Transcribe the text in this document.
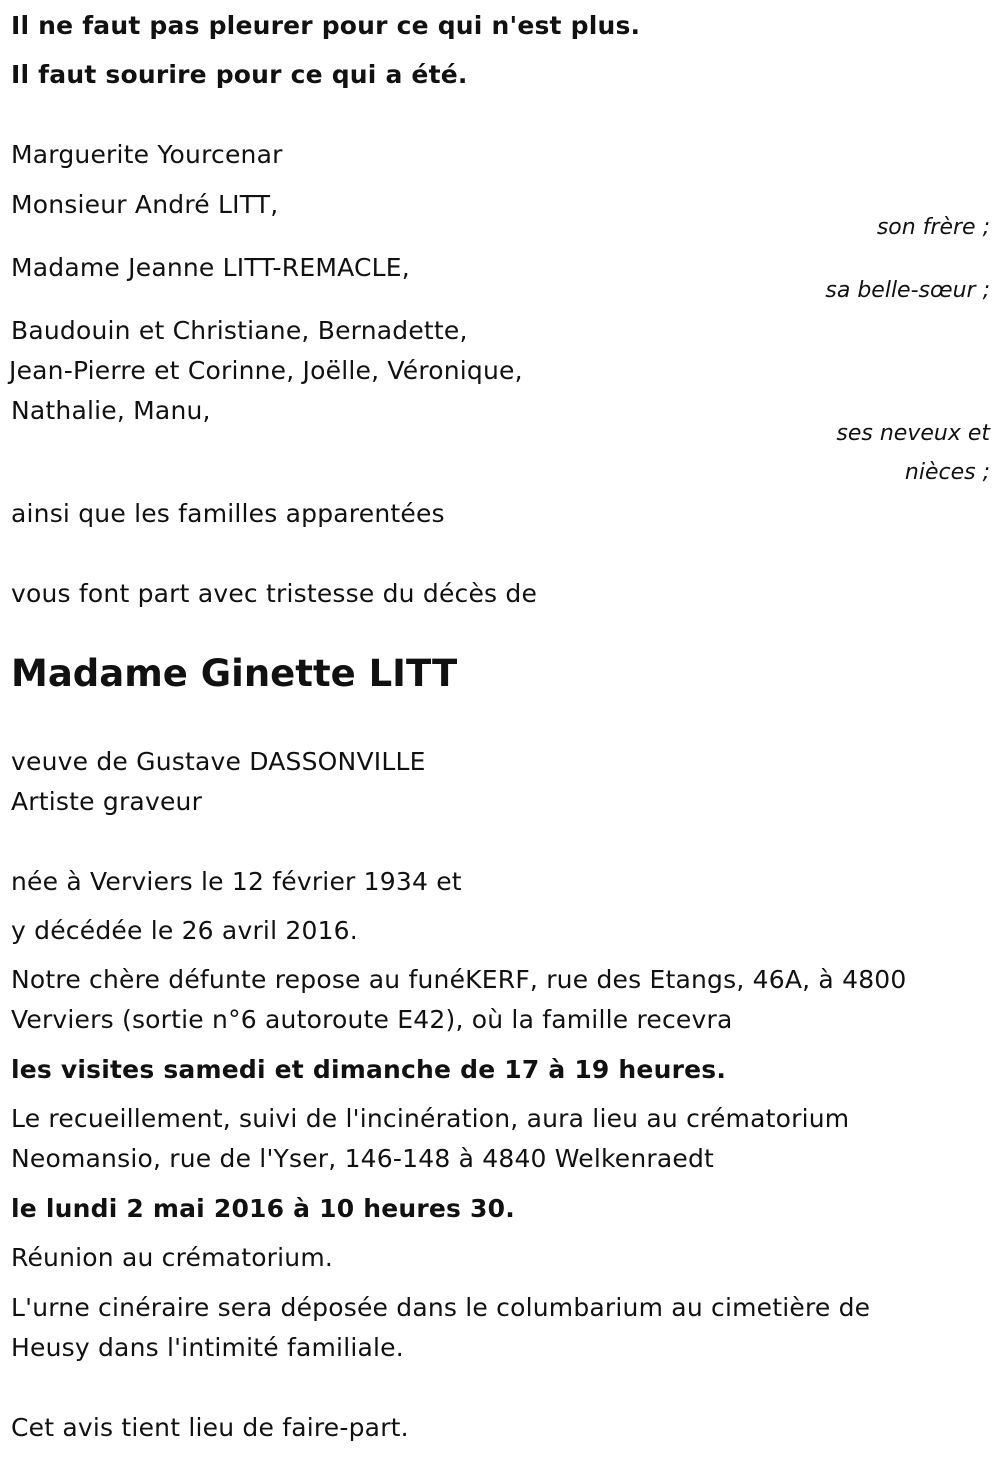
Il ne faut pas pleurer pour ce qui n'est plus.
Il faut sourire pour ce qui a été.
Marguerite Yourcenar
Monsieur André LITT,
son frère ;
Madame Jeanne LITT-REMACLE,
sa belle-sœur ;
Baudouin et Christiane, Bernadette,
Jean-Pierre et Corinne, Joëlle, Véronique,
Nathalie, Manu,
ses neveux et
nièces ;
ainsi que les familles apparentées
vous font part avec tristesse du décès de
Madame Ginette LITT
veuve de Gustave DASSONVILLE
Artiste graveur
née à Verviers le 12 février 1934 et
y décédée le 26 avril 2016.
Notre chère défunte repose au funéKERF, rue des Etangs, 46A, à 4800
Verviers (sortie n°6 autoroute E42), où la famille recevra
les visites samedi et dimanche de 17 à 19 heures.
Le recueillement, suivi de l'incinération, aura lieu au crématorium
Neomansio, rue de l'Yser, 146-148 à 4840 Welkenraedt
le lundi 2 mai 2016 à 10 heures 30.
Réunion au crématorium.
L'urne cinéraire sera déposée dans le columbarium au cimetière de
Heusy dans l'intimité familiale.
Cet avis tient lieu de faire-part.
